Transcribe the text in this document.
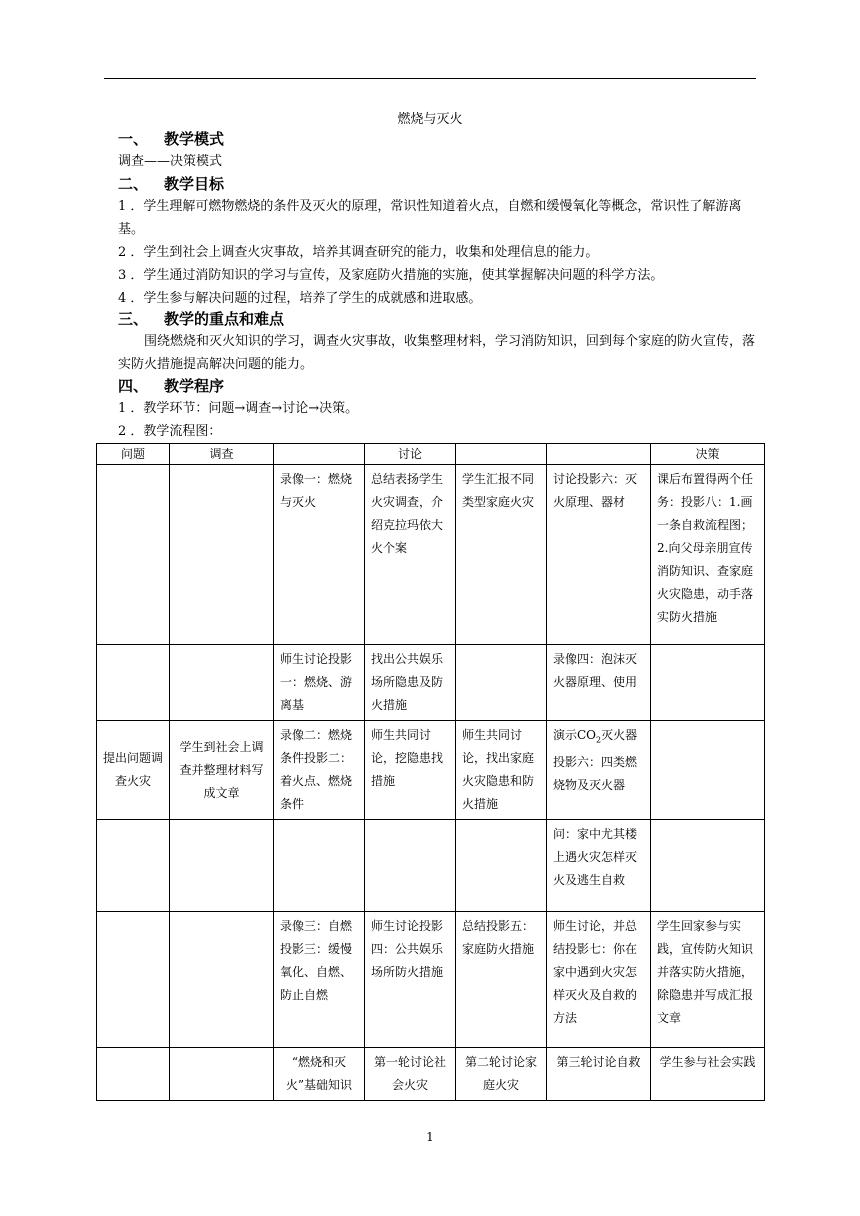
燃烧与灭火
一、 教学模式
调查——决策模式
二、 教学目标
1 ．学生理解可燃物燃烧的条件及灭火的原理，常识性知道着火点，自燃和缓慢氧化等概念，常识性了解游离基。
2 ．学生到社会上调查火灾事故，培养其调查研究的能力，收集和处理信息的能力。
3 ．学生通过消防知识的学习与宣传，及家庭防火措施的实施，使其掌握解决问题的科学方法。
4 ．学生参与解决问题的过程，培养了学生的成就感和进取感。
三、 教学的重点和难点
围绕燃烧和灭火知识的学习，调查火灾事故，收集整理材料，学习消防知识，回到每个家庭的防火宣传，落实防火措施提高解决问题的能力。
四、 教学程序
1 ．教学环节：问题→调查→讨论→决策。
2 ．教学流程图：
问题	调查		讨论			决策
		录像一：燃烧与灭火	总结表扬学生火灾调查，介绍克拉玛依大火个案	学生汇报不同类型家庭火灾	讨论投影六：灭火原理、器材	课后布置得两个任务：投影八：1.画一条自救流程图；2.向父母亲朋宣传消防知识、查家庭火灾隐患，动手落实防火措施
		师生讨论投影一：燃烧、游离基	找出公共娱乐场所隐患及防火措施		录像四：泡沫灭火器原理、使用	
提出问题调查火灾	学生到社会上调查并整理材料写成文章	录像二：燃烧条件投影二：着火点、燃烧条件	师生共同讨论，挖隐患找措施	师生共同讨论，找出家庭火灾隐患和防火措施	演示$CO_2$灭火器投影六：四类燃烧物及灭火器	
					问：家中尤其楼上遇火灾怎样灭火及逃生自救	
		录像三：自燃投影三：缓慢氧化、自燃、防止自燃	师生讨论投影四：公共娱乐场所防火措施	总结投影五：家庭防火措施	师生讨论，并总结投影七：你在家中遇到火灾怎样灭火及自救的方法	学生回家参与实践，宣传防火知识并落实防火措施，除隐患并写成汇报文章
		“燃烧和灭火”基础知识	第一轮讨论社会火灾	第二轮讨论家庭火灾	第三轮讨论自救	学生参与社会实践
1
